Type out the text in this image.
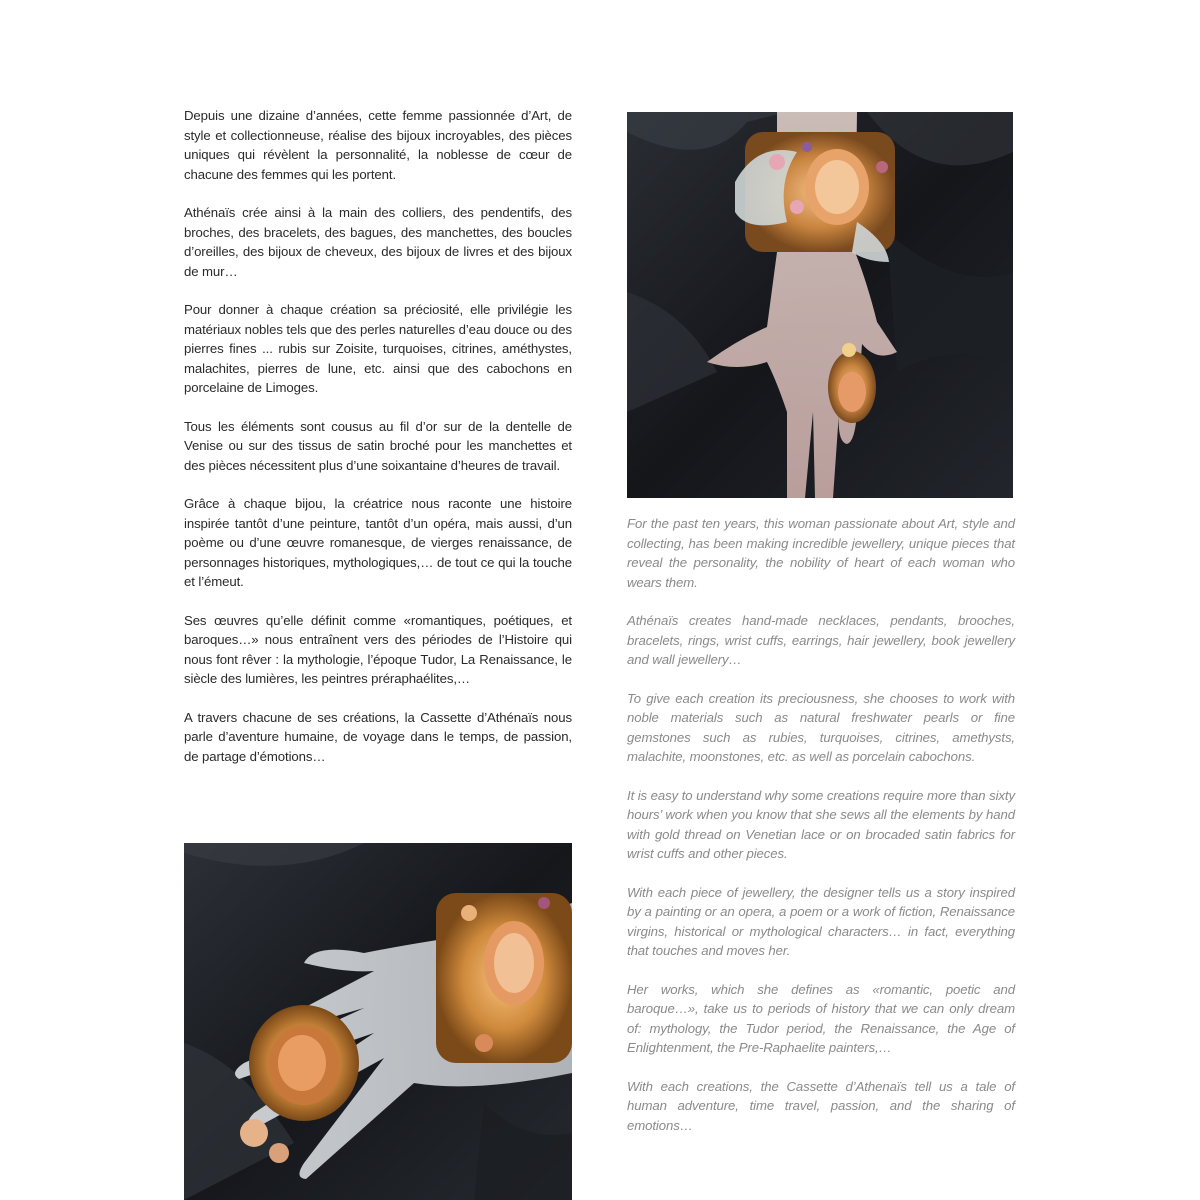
Depuis une dizaine d’années, cette femme passionnée d’Art, de style et collectionneuse, réalise des bijoux incroyables, des pièces uniques qui révèlent la personnalité, la noblesse de cœur de chacune des femmes qui les portent.

Athénaïs crée ainsi à la main des colliers, des pendentifs, des broches, des bracelets, des bagues, des manchettes, des boucles d’oreilles, des bijoux de cheveux, des bijoux de livres et des bijoux de mur…

Pour donner à chaque création sa préciosité, elle privilégie les matériaux nobles tels que des perles naturelles d’eau douce ou des pierres fines ... rubis sur Zoisite, turquoises, citrines, améthystes, malachites, pierres de lune, etc. ainsi que des cabochons en porcelaine de Limoges.

Tous les éléments sont cousus au fil d’or sur de la dentelle de Venise ou sur des tissus de satin broché pour les manchettes et des pièces nécessitent plus d’une soixantaine d’heures de travail.

Grâce à chaque bijou, la créatrice nous raconte une histoire inspirée tantôt d’une peinture, tantôt d’un opéra, mais aussi, d’un poème ou d’une œuvre romanesque, de vierges renaissance, de personnages historiques, mythologiques,… de tout ce qui la touche et l’émeut.

Ses œuvres qu’elle définit comme «romantiques, poétiques, et baroques…» nous entraînent vers des périodes de l’Histoire qui nous font rêver : la mythologie, l’époque Tudor, La Renaissance, le siècle des lumières, les peintres préraphaélites,…

A travers chacune de ses créations, la Cassette d’Athénaïs nous parle d’aventure humaine, de voyage dans le temps, de passion, de partage d’émotions…

For the past ten years, this woman passionate about Art, style and collecting, has been making incredible jewellery, unique pieces that reveal the personality, the nobility of heart of each woman who wears them.

Athénaïs creates hand-made necklaces, pendants, brooches, bracelets, rings, wrist cuffs, earrings, hair jewellery, book jewellery and wall jewellery…

To give each creation its preciousness, she chooses to work with noble materials such as natural freshwater pearls or fine gemstones such as rubies, turquoises, citrines, amethysts, malachite, moonstones, etc. as well as porcelain cabochons.

It is easy to understand why some creations require more than sixty hours’ work when you know that she sews all the elements by hand with gold thread on Venetian lace or on brocaded satin fabrics for wrist cuffs and other pieces.

With each piece of jewellery, the designer tells us a story inspired by a painting or an opera, a poem or a work of fiction, Renaissance virgins, historical or mythological characters… in fact, everything that touches and moves her.

Her works, which she defines as «romantic, poetic and baroque…», take us to periods of history that we can only dream of: mythology, the Tudor period, the Renaissance, the Age of Enlightenment, the Pre-Raphaelite painters,…

With each creations, the Cassette d’Athenaïs tell us a tale of human adventure, time travel, passion, and the sharing of emotions…
